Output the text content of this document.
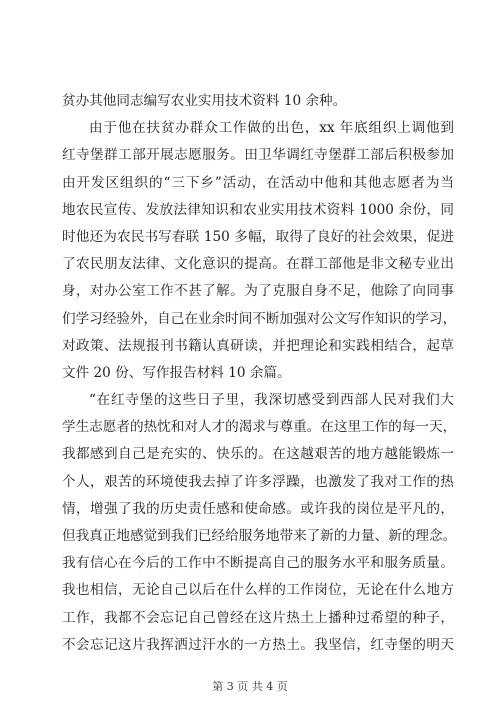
贫办其他同志编写农业实用技术资料 10 余种。
由于他在扶贫办群众工作做的出色，xx 年底组织上调他到
红寺堡群工部开展志愿服务。田卫华调红寺堡群工部后积极参加
由开发区组织的“三下乡”活动，在活动中他和其他志愿者为当
地农民宣传、发放法律知识和农业实用技术资料 1000 余份，同
时他还为农民书写春联 150 多幅，取得了良好的社会效果，促进
了农民朋友法律、文化意识的提高。在群工部他是非文秘专业出
身，对办公室工作不甚了解。为了克服自身不足，他除了向同事
们学习经验外，自己在业余时间不断加强对公文写作知识的学习，
对政策、法规报刊书籍认真研读，并把理论和实践相结合，起草
文件 20 份、写作报告材料 10 余篇。
“在红寺堡的这些日子里，我深切感受到西部人民对我们大
学生志愿者的热忱和对人才的渴求与尊重。在这里工作的每一天，
我都感到自己是充实的、快乐的。在这越艰苦的地方越能锻炼一
个人，艰苦的环境使我去掉了许多浮躁，也激发了我对工作的热
情，增强了我的历史责任感和使命感。或许我的岗位是平凡的，
但我真正地感觉到我们已经给服务地带来了新的力量、新的理念。
我有信心在今后的工作中不断提高自己的服务水平和服务质量。
我也相信，无论自己以后在什么样的工作岗位，无论在什么地方
工作，我都不会忘记自己曾经在这片热土上播种过希望的种子，
不会忘记这片我挥洒过汗水的一方热土。我坚信，红寺堡的明天
第 3 页 共 4 页
